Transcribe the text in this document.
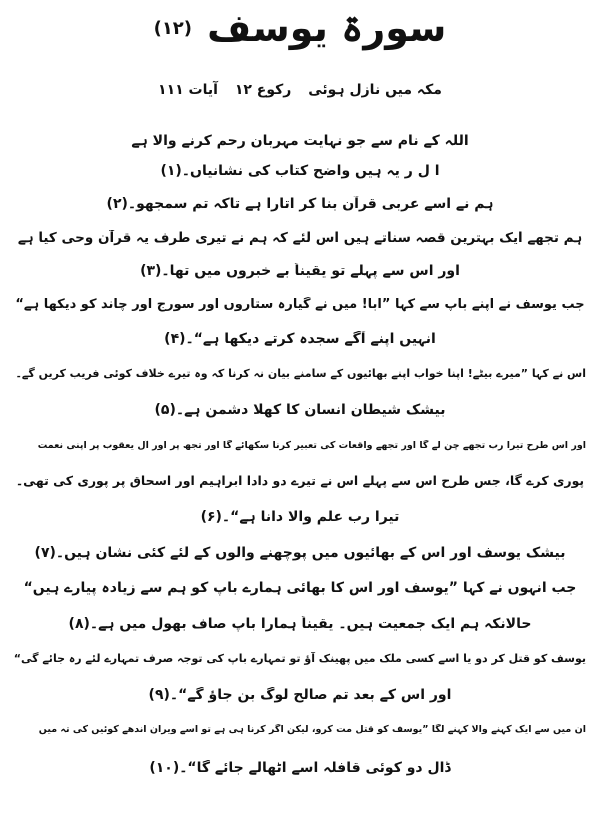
سورۃ یوسف (۱۲)
مکہ میں نازل ہوئی رکوع ۱۲ آیات ۱۱۱
اللہ کے نام سے جو نہایت مہربان رحم کرنے والا ہے
ا ل ر یہ ہیں واضح کتاب کی نشانیاں۔(۱)
ہم نے اسے عربی قرآن بنا کر اتارا ہے تاکہ تم سمجھو۔(۲)
ہم تجھے ایک بہترین قصہ سناتے ہیں اس لئے کہ ہم نے تیری طرف یہ قرآن وحی کیا ہے
اور اس سے پہلے تو یقیناً بے خبروں میں تھا۔(۳)
جب یوسف نے اپنے باپ سے کہا ”ابا! میں نے گیارہ ستاروں اور سورج اور چاند کو دیکھا ہے“
انہیں اپنے آگے سجدہ کرتے دیکھا ہے“۔(۴)
اس نے کہا ”میرے بیٹے! اپنا خواب اپنے بھائیوں کے سامنے بیان نہ کرنا کہ وہ تیرے خلاف کوئی فریب کریں گے۔
بیشک شیطان انسان کا کھلا دشمن ہے۔(۵)
اور اس طرح تیرا رب تجھے چن لے گا اور تجھے واقعات کی تعبیر کرنا سکھائے گا اور تجھ پر اور آل یعقوب پر اپنی نعمت
پوری کرے گا، جس طرح اس سے پہلے اس نے تیرے دو دادا ابراہیم اور اسحاق پر پوری کی تھی۔
تیرا رب علم والا دانا ہے“۔(۶)
بیشک یوسف اور اس کے بھائیوں میں پوچھنے والوں کے لئے کئی نشان ہیں۔(۷)
جب انہوں نے کہا ”یوسف اور اس کا بھائی ہمارے باپ کو ہم سے زیادہ پیارے ہیں“
حالانکہ ہم ایک جمعیت ہیں۔ یقیناً ہمارا باپ صاف بھول میں ہے۔(۸)
یوسف کو قتل کر دو یا اسے کسی ملک میں پھینک آؤ تو تمہارے باپ کی توجہ صرف تمہارے لئے رہ جائے گی“
اور اس کے بعد تم صالح لوگ بن جاؤ گے“۔(۹)
ان میں سے ایک کہنے والا کہنے لگا ”یوسف کو قتل مت کرو، لیکن اگر کرنا ہی ہے تو اسے ویران اندھے کوئیں کی تہ میں
ڈال دو کوئی قافلہ اسے اٹھالے جائے گا“۔(۱۰)
